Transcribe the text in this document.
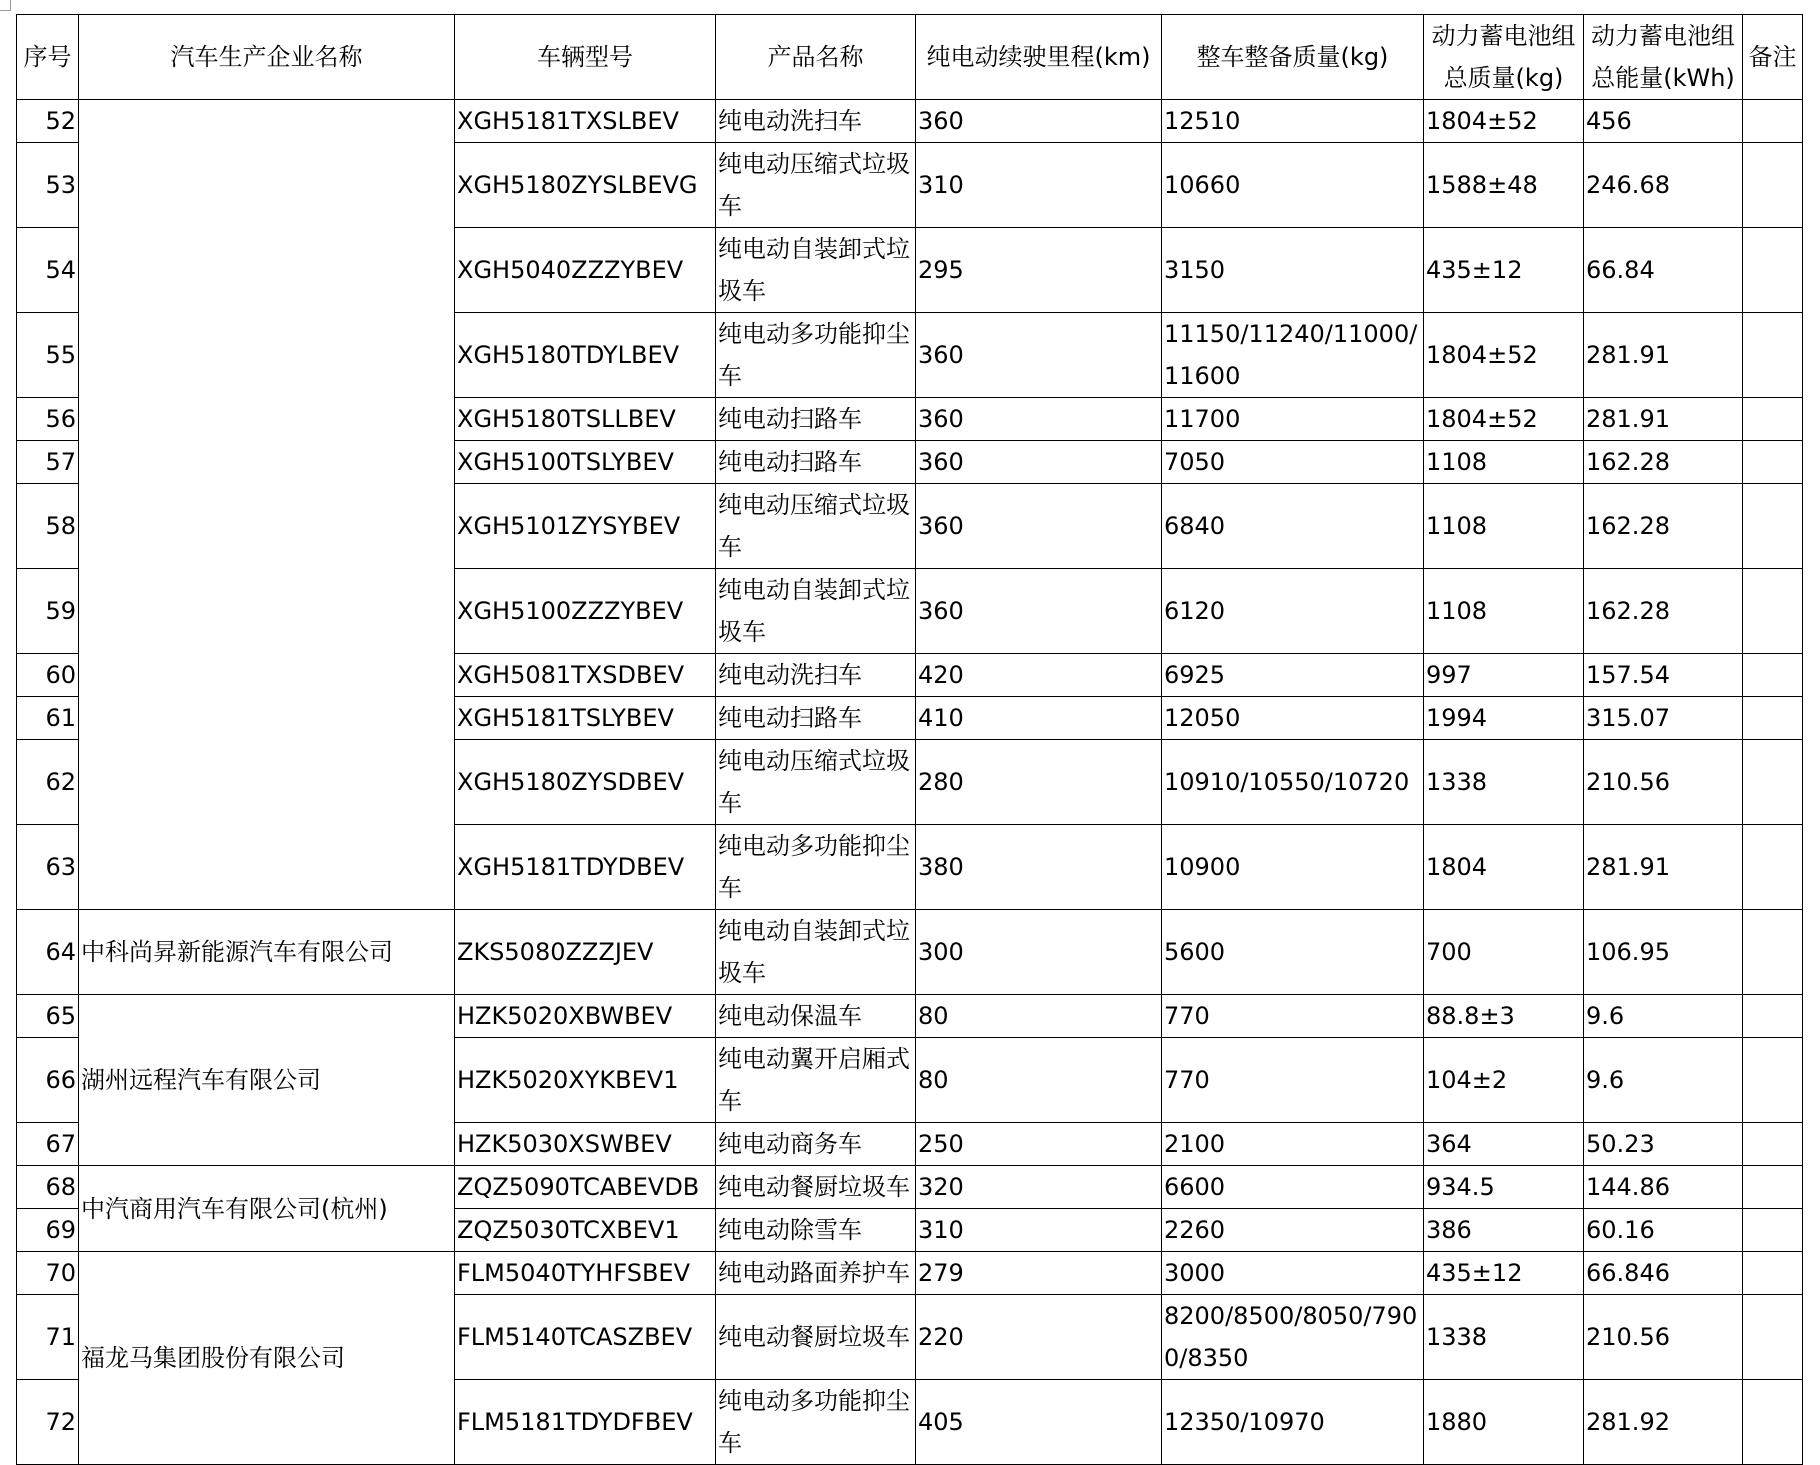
序号	汽车生产企业名称	车辆型号	产品名称	纯电动续驶里程(km)	整车整备质量(kg)	动力蓄电池组总质量(kg)	动力蓄电池组总能量(kWh)	备注
52		XGH5181TXSLBEV	纯电动洗扫车	360	12510	1804±52	456	
53		XGH5180ZYSLBEVG	纯电动压缩式垃圾车	310	10660	1588±48	246.68	
54		XGH5040ZZZYBEV	纯电动自装卸式垃圾车	295	3150	435±12	66.84	
55		XGH5180TDYLBEV	纯电动多功能抑尘车	360	11150/11240/11000/11600	1804±52	281.91	
56		XGH5180TSLLBEV	纯电动扫路车	360	11700	1804±52	281.91	
57		XGH5100TSLYBEV	纯电动扫路车	360	7050	1108	162.28	
58		XGH5101ZYSYBEV	纯电动压缩式垃圾车	360	6840	1108	162.28	
59		XGH5100ZZZYBEV	纯电动自装卸式垃圾车	360	6120	1108	162.28	
60		XGH5081TXSDBEV	纯电动洗扫车	420	6925	997	157.54	
61		XGH5181TSLYBEV	纯电动扫路车	410	12050	1994	315.07	
62		XGH5180ZYSDBEV	纯电动压缩式垃圾车	280	10910/10550/10720	1338	210.56	
63		XGH5181TDYDBEV	纯电动多功能抑尘车	380	10900	1804	281.91	
64	中科尚昇新能源汽车有限公司	ZKS5080ZZZJEV	纯电动自装卸式垃圾车	300	5600	700	106.95	
65	湖州远程汽车有限公司	HZK5020XBWBEV	纯电动保温车	80	770	88.8±3	9.6	
66		HZK5020XYKBEV1	纯电动翼开启厢式车	80	770	104±2	9.6	
67		HZK5030XSWBEV	纯电动商务车	250	2100	364	50.23	
68	中汽商用汽车有限公司(杭州)	ZQZ5090TCABEVDB	纯电动餐厨垃圾车	320	6600	934.5	144.86	
69		ZQZ5030TCXBEV1	纯电动除雪车	310	2260	386	60.16	
70	福龙马集团股份有限公司	FLM5040TYHFSBEV	纯电动路面养护车	279	3000	435±12	66.846	
71		FLM5140TCASZBEV	纯电动餐厨垃圾车	220	8200/8500/8050/7900/8350	1338	210.56	
72		FLM5181TDYDFBEV	纯电动多功能抑尘车	405	12350/10970	1880	281.92	
